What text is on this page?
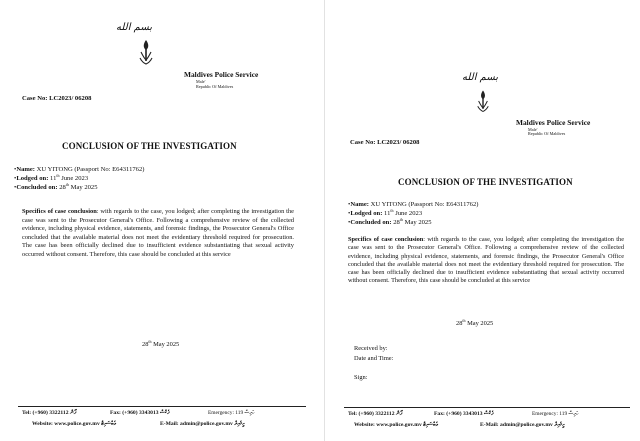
بسم الله
Maldives Police Service
Male'
Republic Of Maldives
Case No: LC2023/ 06208
CONCLUSION OF THE INVESTIGATION
•Name: XU YITONG (Passport No: E64311762)
•Lodged on: 11th June 2023
•Concluded on: 28th May 2025
Specifics of case conclusion: with regards to the case, you lodged; after completing the investigation the case was sent to the Prosecutor General's Office. Following a comprehensive review of the collected evidence, including physical evidence, statements, and forensic findings, the Prosecutor General's Office concluded that the available material does not meet the evidentiary threshold required for prosecution. The case has been officially declined due to insufficient evidence substantiating that sexual activity occurred without consent. Therefore, this case should be concluded at this service
28th May 2025
Tel: (+960) 3322112 ފޯން	Fax: (+960) 3343013 ފެކްސް	Emergency: 119 ހަދިސާ
Website: www.police.gov.mv ވެބްސައިޓް	E-Mail: admin@police.gov.mv އީމެއިލް
بسم الله
Maldives Police Service
Male'
Republic Of Maldives
Case No: LC2023/ 06208
CONCLUSION OF THE INVESTIGATION
•Name: XU YITONG (Passport No: E64311762)
•Lodged on: 11th June 2023
•Concluded on: 28th May 2025
Specifics of case conclusion: with regards to the case, you lodged; after completing the investigation the case was sent to the Prosecutor General's Office. Following a comprehensive review of the collected evidence, including physical evidence, statements, and forensic findings, the Prosecutor General's Office concluded that the available material does not meet the evidentiary threshold required for prosecution. The case has been officially declined due to insufficient evidence substantiating that sexual activity occurred without consent. Therefore, this case should be concluded at this service
28th May 2025
Received by:
Date and Time:
Sign:
Tel: (+960) 3322112 ފޯން	Fax: (+960) 3343013 ފެކްސް	Emergency: 119 ހަދިސާ
Website: www.police.gov.mv ވެބްސައިޓް	E-Mail: admin@police.gov.mv އީމެއިލް
